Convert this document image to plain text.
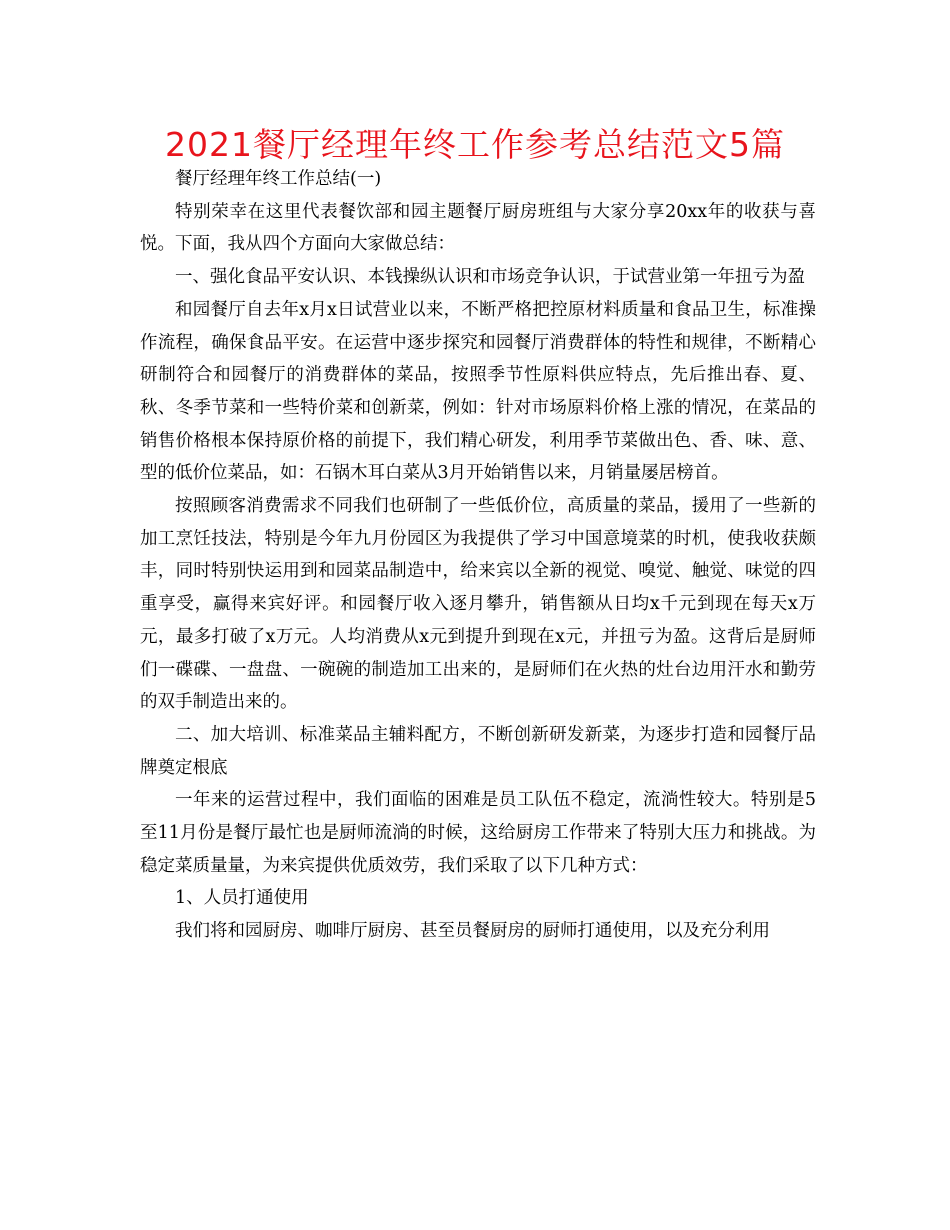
2021餐厅经理年终工作参考总结范文5篇

餐厅经理年终工作总结(一)

特别荣幸在这里代表餐饮部和园主题餐厅厨房班组与大家分享20xx年的收获与喜悦。下面，我从四个方面向大家做总结：

一、强化食品平安认识、本钱操纵认识和市场竞争认识，于试营业第一年扭亏为盈

和园餐厅自去年x月x日试营业以来，不断严格把控原材料质量和食品卫生，标准操作流程，确保食品平安。在运营中逐步探究和园餐厅消费群体的特性和规律，不断精心研制符合和园餐厅的消费群体的菜品，按照季节性原料供应特点，先后推出春、夏、秋、冬季节菜和一些特价菜和创新菜，例如：针对市场原料价格上涨的情况，在菜品的销售价格根本保持原价格的前提下，我们精心研发，利用季节菜做出色、香、味、意、型的低价位菜品，如：石锅木耳白菜从3月开始销售以来，月销量屡居榜首。

按照顾客消费需求不同我们也研制了一些低价位，高质量的菜品，援用了一些新的加工烹饪技法，特别是今年九月份园区为我提供了学习中国意境菜的时机，使我收获颇丰，同时特别快运用到和园菜品制造中，给来宾以全新的视觉、嗅觉、触觉、味觉的四重享受，赢得来宾好评。和园餐厅收入逐月攀升，销售额从日均x千元到现在每天x万元，最多打破了x万元。人均消费从x元到提升到现在x元，并扭亏为盈。这背后是厨师们一碟碟、一盘盘、一碗碗的制造加工出来的，是厨师们在火热的灶台边用汗水和勤劳的双手制造出来的。

二、加大培训、标准菜品主辅料配方，不断创新研发新菜，为逐步打造和园餐厅品牌奠定根底

一年来的运营过程中，我们面临的困难是员工队伍不稳定，流淌性较大。特别是5至11月份是餐厅最忙也是厨师流淌的时候，这给厨房工作带来了特别大压力和挑战。为稳定菜质量量，为来宾提供优质效劳，我们采取了以下几种方式：

1、人员打通使用

我们将和园厨房、咖啡厅厨房、甚至员餐厨房的厨师打通使用，以及充分利用
